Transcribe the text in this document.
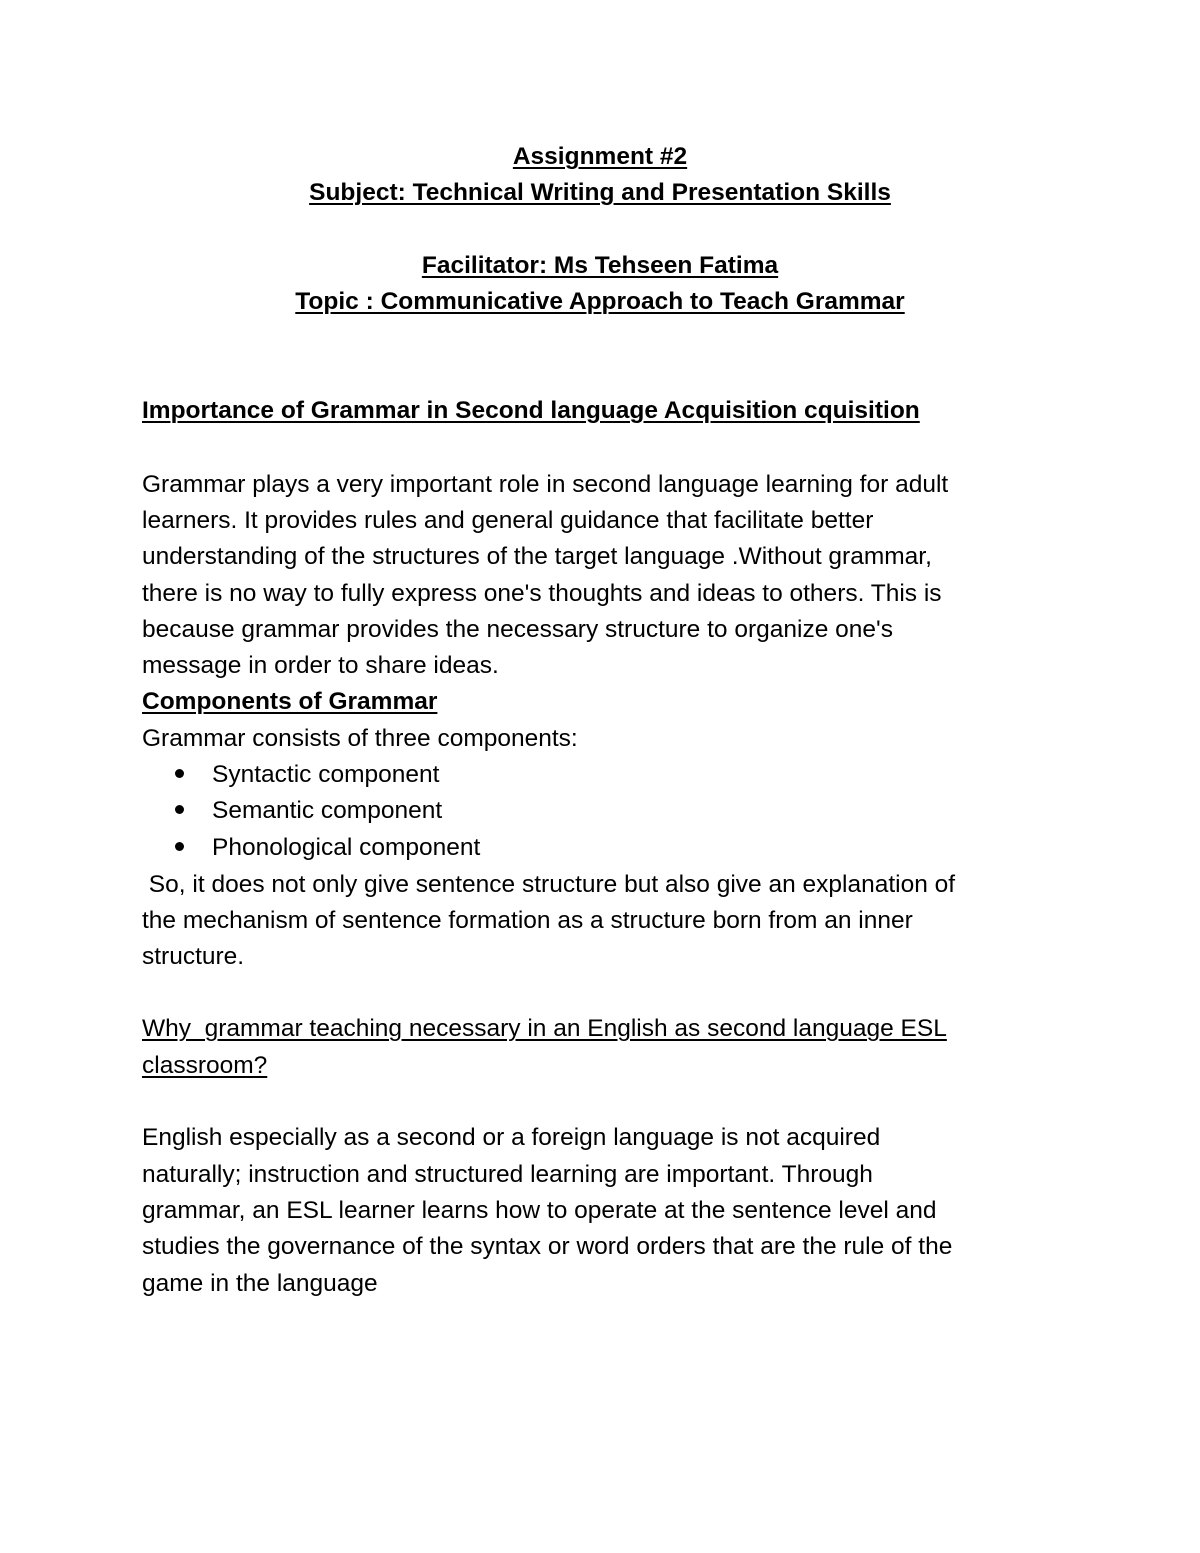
Assignment #2
Subject: Technical Writing and Presentation Skills
Facilitator: Ms Tehseen Fatima
Topic : Communicative Approach to Teach Grammar
Importance of Grammar in Second language Acquisition cquisition
Grammar plays a very important role in second language learning for adult
learners. It provides rules and general guidance that facilitate better
understanding of the structures of the target language .Without grammar,
there is no way to fully express one's thoughts and ideas to others. This is
because grammar provides the necessary structure to organize one's
message in order to share ideas.
Components of Grammar
Grammar consists of three components:
Syntactic component
Semantic component
Phonological component
So, it does not only give sentence structure but also give an explanation of
the mechanism of sentence formation as a structure born from an inner
structure.
Why  grammar teaching necessary in an English as second language ESL
classroom?
English especially as a second or a foreign language is not acquired
naturally; instruction and structured learning are important. Through
grammar, an ESL learner learns how to operate at the sentence level and
studies the governance of the syntax or word orders that are the rule of the
game in the language
